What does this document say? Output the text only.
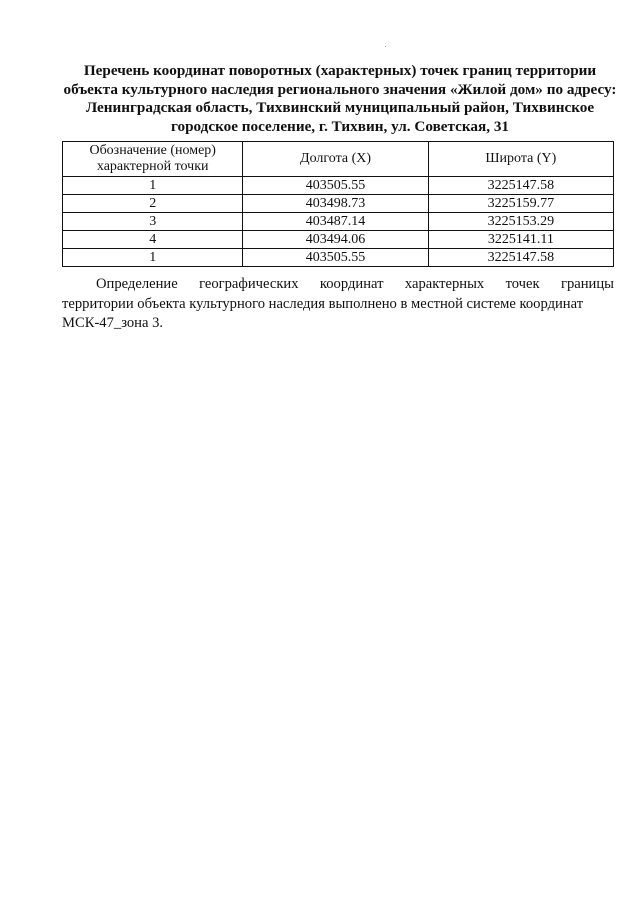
Перечень координат поворотных (характерных) точек границ территории
объекта культурного наследия регионального значения «Жилой дом» по адресу:
Ленинградская область, Тихвинский муниципальный район, Тихвинское
городское поселение, г. Тихвин, ул. Советская, 31
Обозначение (номер)
характерной точки	Долгота (X)	Широта (Y)
1	403505.55	3225147.58
2	403498.73	3225159.77
3	403487.14	3225153.29
4	403494.06	3225141.11
1	403505.55	3225147.58
Определение географических координат характерных точек границы
территории объекта культурного наследия выполнено в местной системе координат
МСК-47_зона 3.
